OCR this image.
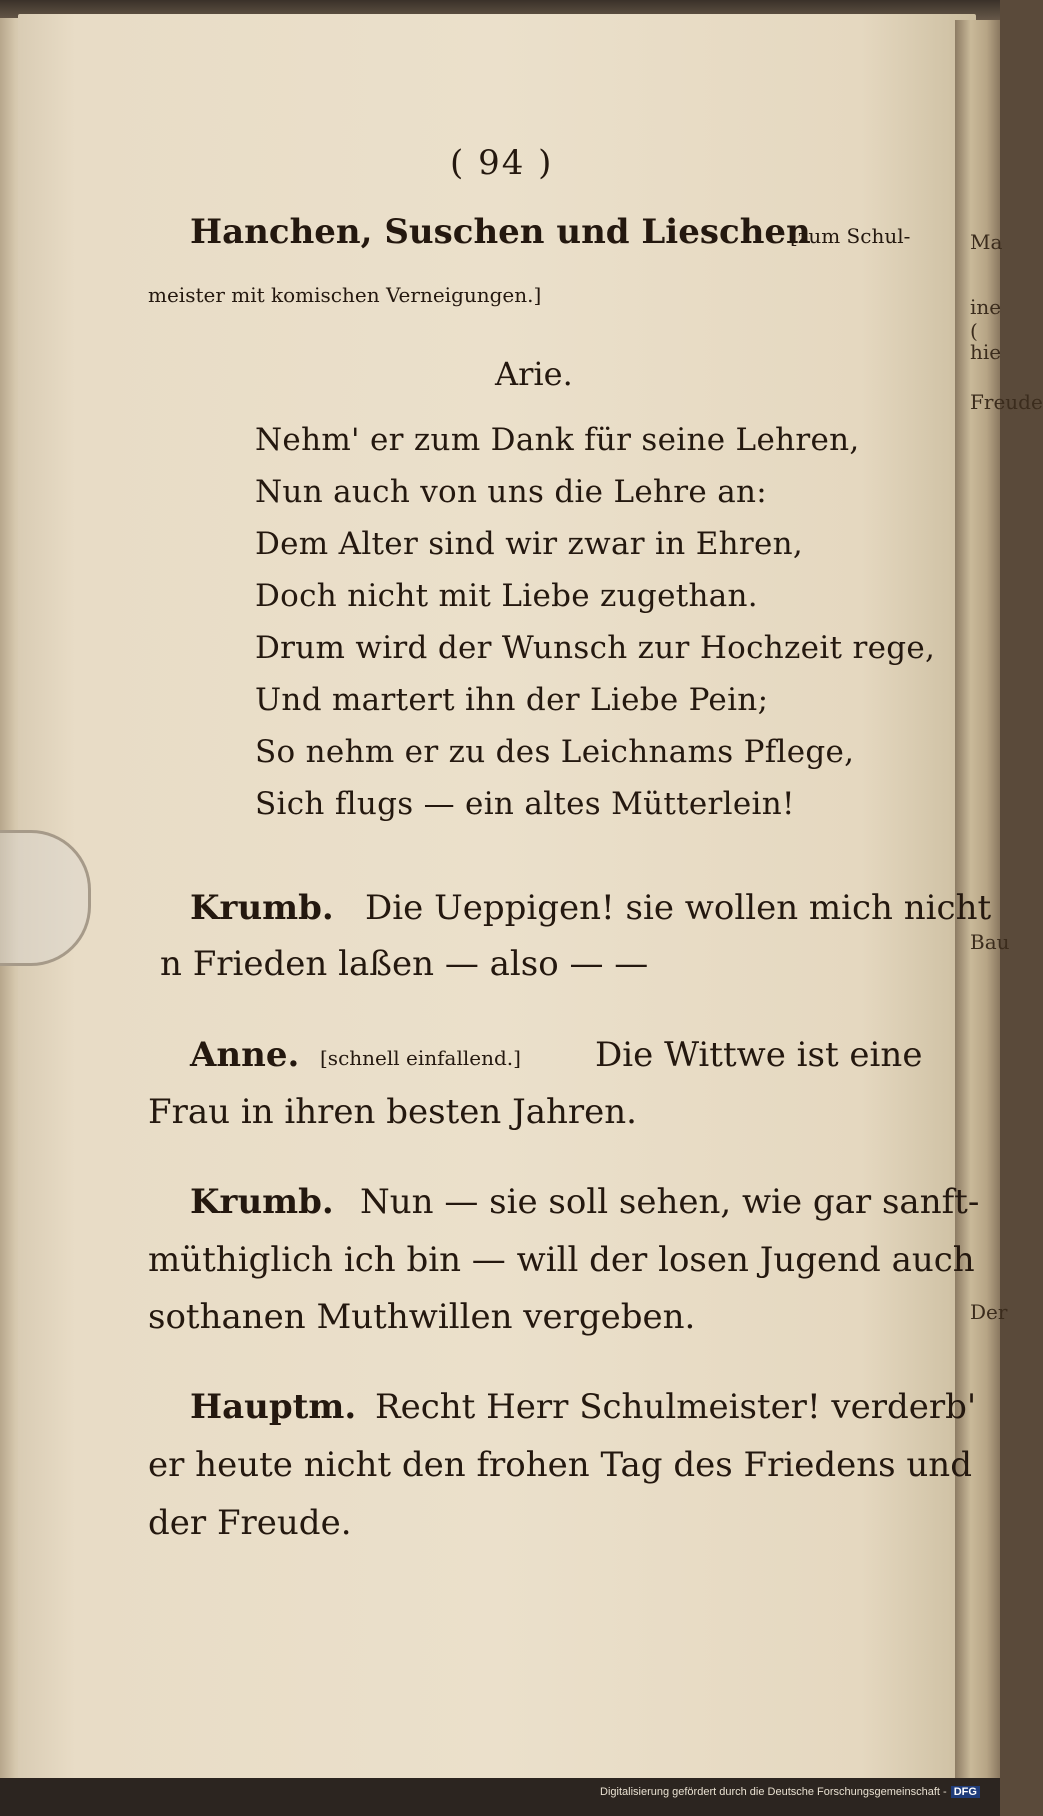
Ma
ine (
hie
Freude
Bau
Der
( 94 )
Hanchen, Suschen und Lieschen
[zum Schul-
meister mit komischen Verneigungen.]
Arie.
Nehm' er zum Dank für seine Lehren,
Nun auch von uns die Lehre an:
Dem Alter sind wir zwar in Ehren,
Doch nicht mit Liebe zugethan.
Drum wird der Wunsch zur Hochzeit rege,
Und martert ihn der Liebe Pein;
So nehm er zu des Leichnams Pflege,
Sich flugs — ein altes Mütterlein!
Krumb. Die Ueppigen! sie wollen mich nicht
n Frieden laßen — also — —
Anne. [schnell einfallend.] Die Wittwe ist eine
Frau in ihren besten Jahren.
Krumb. Nun — sie soll sehen, wie gar sanft-
müthiglich ich bin — will der losen Jugend auch
sothanen Muthwillen vergeben.
Hauptm. Recht Herr Schulmeister! verderb'
er heute nicht den frohen Tag des Friedens und
der Freude.
Digitalisierung gefördert durch die Deutsche Forschungsgemeinschaft - DFG
